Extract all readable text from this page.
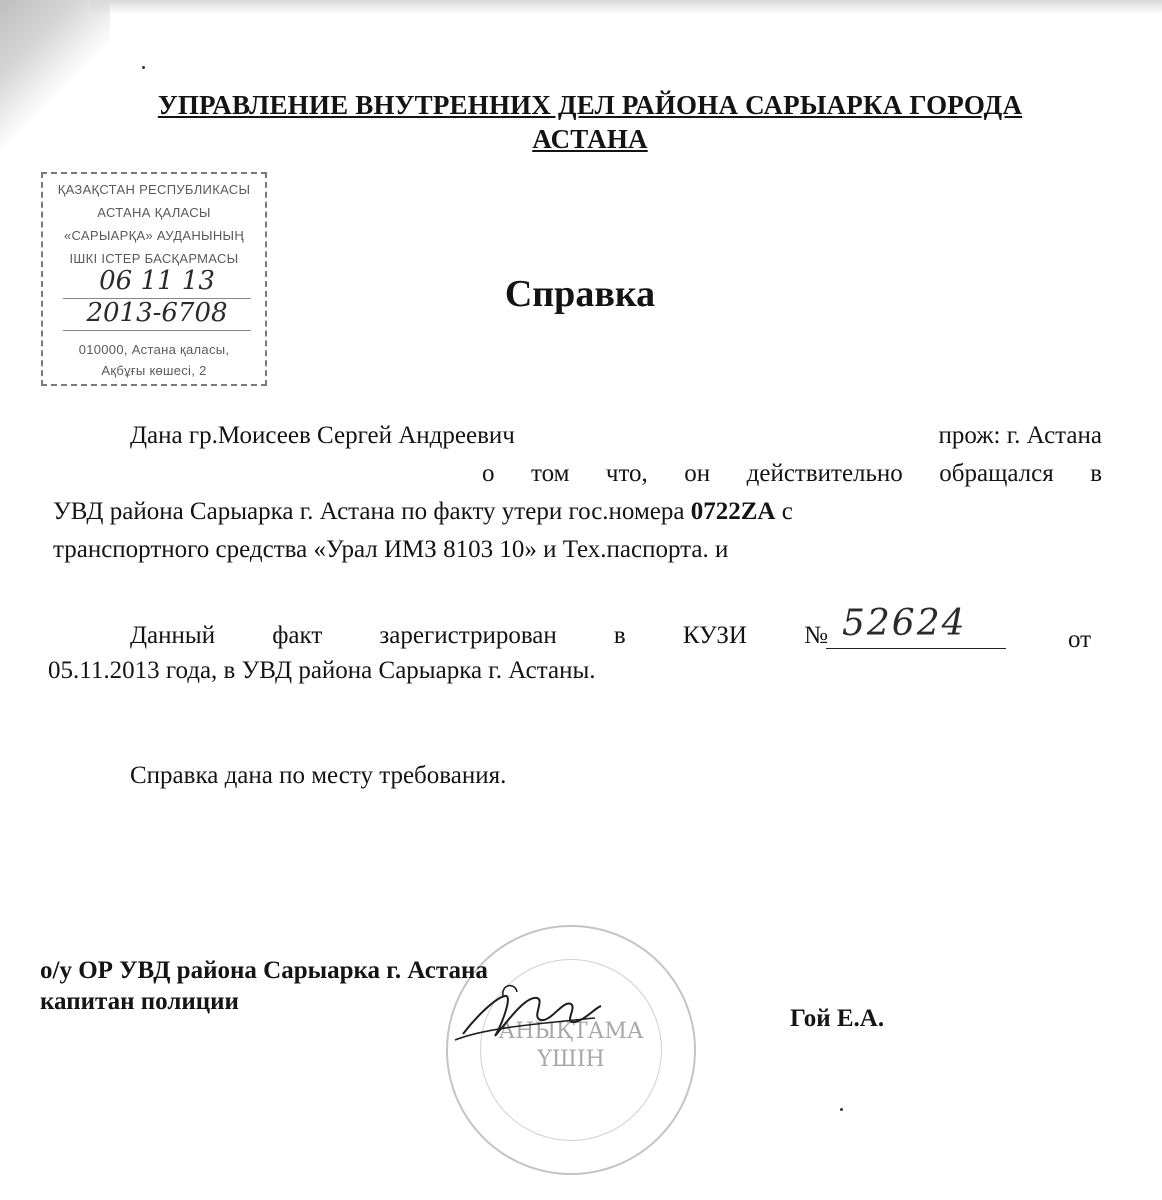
УПРАВЛЕНИЕ ВНУТРЕННИХ ДЕЛ РАЙОНА САРЫАРКА ГОРОДА
АСТАНА
ҚАЗАҚСТАН РЕСПУБЛИКАСЫ
АСТАНА ҚАЛАСЫ
«САРЫАРҚА» АУДАНЫНЫҢ
ІШКІ ІСТЕР БАСҚАРМАСЫ
06 11 13
2013-6708
010000, Астана қаласы,
Ақбұғы көшесі, 2
Справка
Дана гр.Моисеев Сергей Андреевич	прож: г. Астана
о том что, он действительно обращался в
УВД района Сарыарка г. Астана по факту утери гос.номера 0722ZA с
транспортного средства «Урал ИМЗ 8103 10» и Тех.паспорта. и
Данный факт зарегистрирован в КУЗИ № 52624	от
05.11.2013 года, в УВД района Сарыарка г. Астаны.
Справка дана по месту требования.
АНЫҚТАМА
ҮШІН
о/у ОР УВД района Сарыарка г. Астана
капитан полиции
Гой Е.А.
